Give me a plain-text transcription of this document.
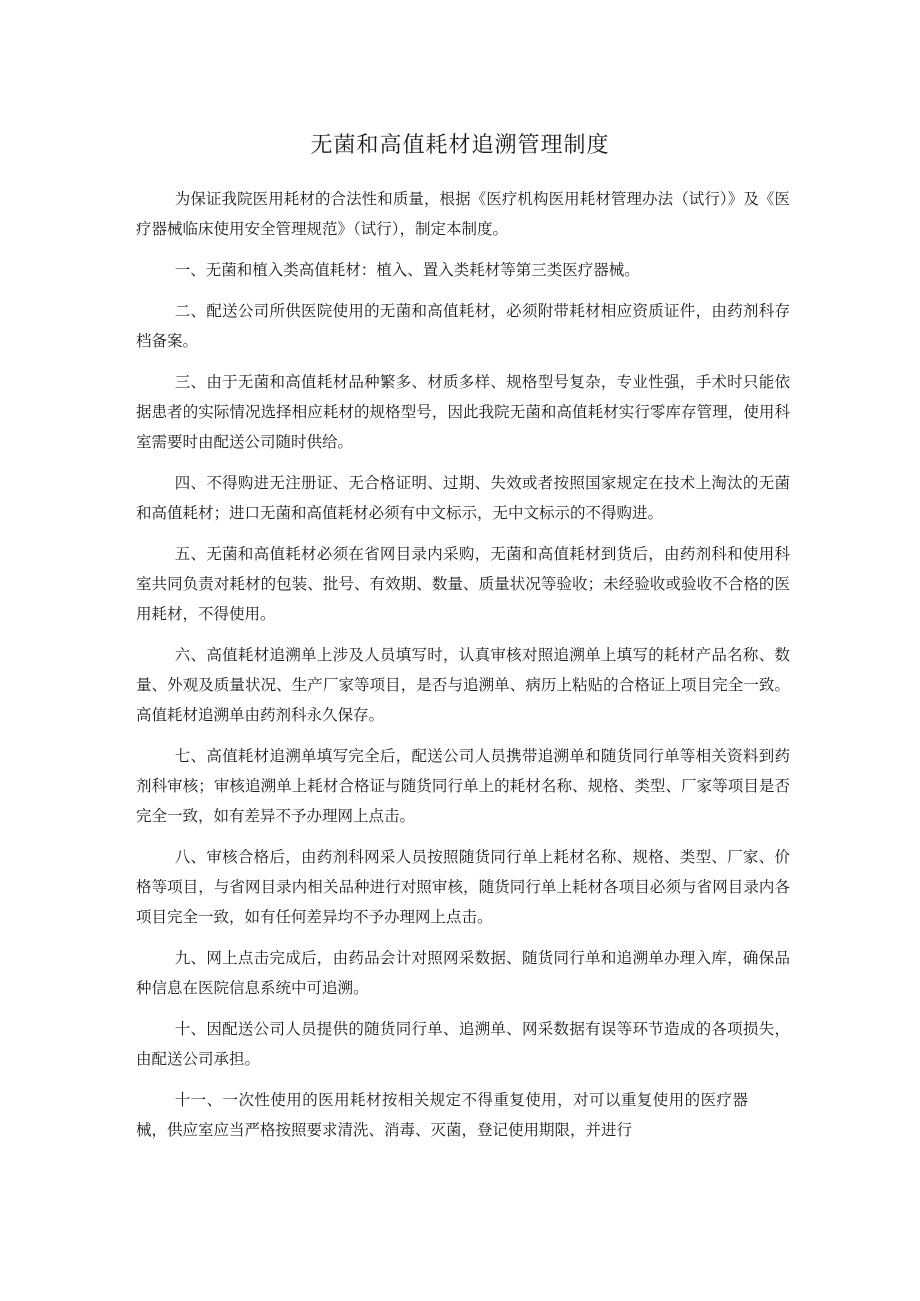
无菌和高值耗材追溯管理制度

为保证我院医用耗材的合法性和质量，根据《医疗机构医用耗材管理办法（试行）》及《医疗器械临床使用安全管理规范》（试行），制定本制度。

一、无菌和植入类高值耗材：植入、置入类耗材等第三类医疗器械。

二、配送公司所供医院使用的无菌和高值耗材，必须附带耗材相应资质证件，由药剂科存档备案。

三、由于无菌和高值耗材品种繁多、材质多样、规格型号复杂，专业性强，手术时只能依据患者的实际情况选择相应耗材的规格型号，因此我院无菌和高值耗材实行零库存管理，使用科室需要时由配送公司随时供给。

四、不得购进无注册证、无合格证明、过期、失效或者按照国家规定在技术上淘汰的无菌和高值耗材；进口无菌和高值耗材必须有中文标示，无中文标示的不得购进。

五、无菌和高值耗材必须在省网目录内采购，无菌和高值耗材到货后，由药剂科和使用科室共同负责对耗材的包装、批号、有效期、数量、质量状况等验收；未经验收或验收不合格的医用耗材，不得使用。

六、高值耗材追溯单上涉及人员填写时，认真审核对照追溯单上填写的耗材产品名称、数量、外观及质量状况、生产厂家等项目，是否与追溯单、病历上粘贴的合格证上项目完全一致。高值耗材追溯单由药剂科永久保存。

七、高值耗材追溯单填写完全后，配送公司人员携带追溯单和随货同行单等相关资料到药剂科审核；审核追溯单上耗材合格证与随货同行单上的耗材名称、规格、类型、厂家等项目是否完全一致，如有差异不予办理网上点击。

八、审核合格后，由药剂科网采人员按照随货同行单上耗材名称、规格、类型、厂家、价格等项目，与省网目录内相关品种进行对照审核，随货同行单上耗材各项目必须与省网目录内各项目完全一致，如有任何差异均不予办理网上点击。

九、网上点击完成后，由药品会计对照网采数据、随货同行单和追溯单办理入库，确保品种信息在医院信息系统中可追溯。

十、因配送公司人员提供的随货同行单、追溯单、网采数据有误等环节造成的各项损失，由配送公司承担。

十一、一次性使用的医用耗材按相关规定不得重复使用，对可以重复使用的医疗器械，供应室应当严格按照要求清洗、消毒、灭菌，登记使用期限，并进行
